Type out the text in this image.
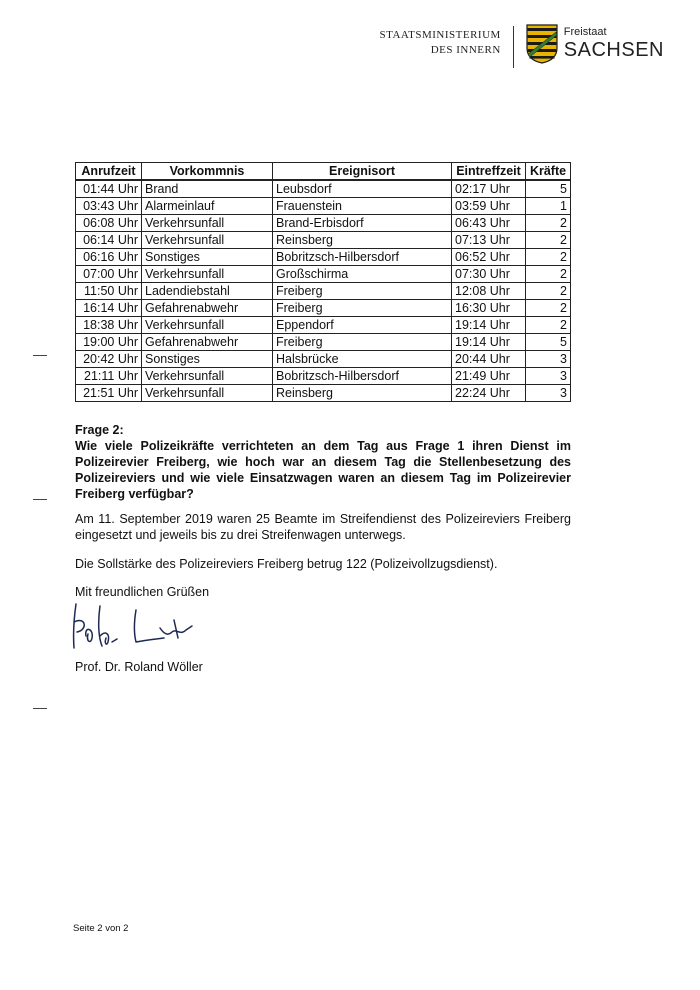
STAATSMINISTERIUM
DES INNERN
Freistaat
SACHSEN
Anrufzeit	Vorkommnis	Ereignisort	Eintreffzeit	Kräfte
01:44 Uhr	Brand	Leubsdorf	02:17 Uhr	5
03:43 Uhr	Alarmeinlauf	Frauenstein	03:59 Uhr	1
06:08 Uhr	Verkehrsunfall	Brand-Erbisdorf	06:43 Uhr	2
06:14 Uhr	Verkehrsunfall	Reinsberg	07:13 Uhr	2
06:16 Uhr	Sonstiges	Bobritzsch-Hilbersdorf	06:52 Uhr	2
07:00 Uhr	Verkehrsunfall	Großschirma	07:30 Uhr	2
11:50 Uhr	Ladendiebstahl	Freiberg	12:08 Uhr	2
16:14 Uhr	Gefahrenabwehr	Freiberg	16:30 Uhr	2
18:38 Uhr	Verkehrsunfall	Eppendorf	19:14 Uhr	2
19:00 Uhr	Gefahrenabwehr	Freiberg	19:14 Uhr	5
20:42 Uhr	Sonstiges	Halsbrücke	20:44 Uhr	3
21:11 Uhr	Verkehrsunfall	Bobritzsch-Hilbersdorf	21:49 Uhr	3
21:51 Uhr	Verkehrsunfall	Reinsberg	22:24 Uhr	3
Frage 2:
Wie viele Polizeikräfte verrichteten an dem Tag aus Frage 1 ihren Dienst im Polizeirevier Freiberg, wie hoch war an diesem Tag die Stellenbesetzung des Polizeireviers und wie viele Einsatzwagen waren an diesem Tag im Polizeirevier Freiberg verfügbar?
Am 11. September 2019 waren 25 Beamte im Streifendienst des Polizeireviers Freiberg eingesetzt und jeweils bis zu drei Streifenwagen unterwegs.
Die Sollstärke des Polizeireviers Freiberg betrug 122 (Polizeivollzugsdienst).
Mit freundlichen Grüßen
Prof. Dr. Roland Wöller
Seite 2 von 2
